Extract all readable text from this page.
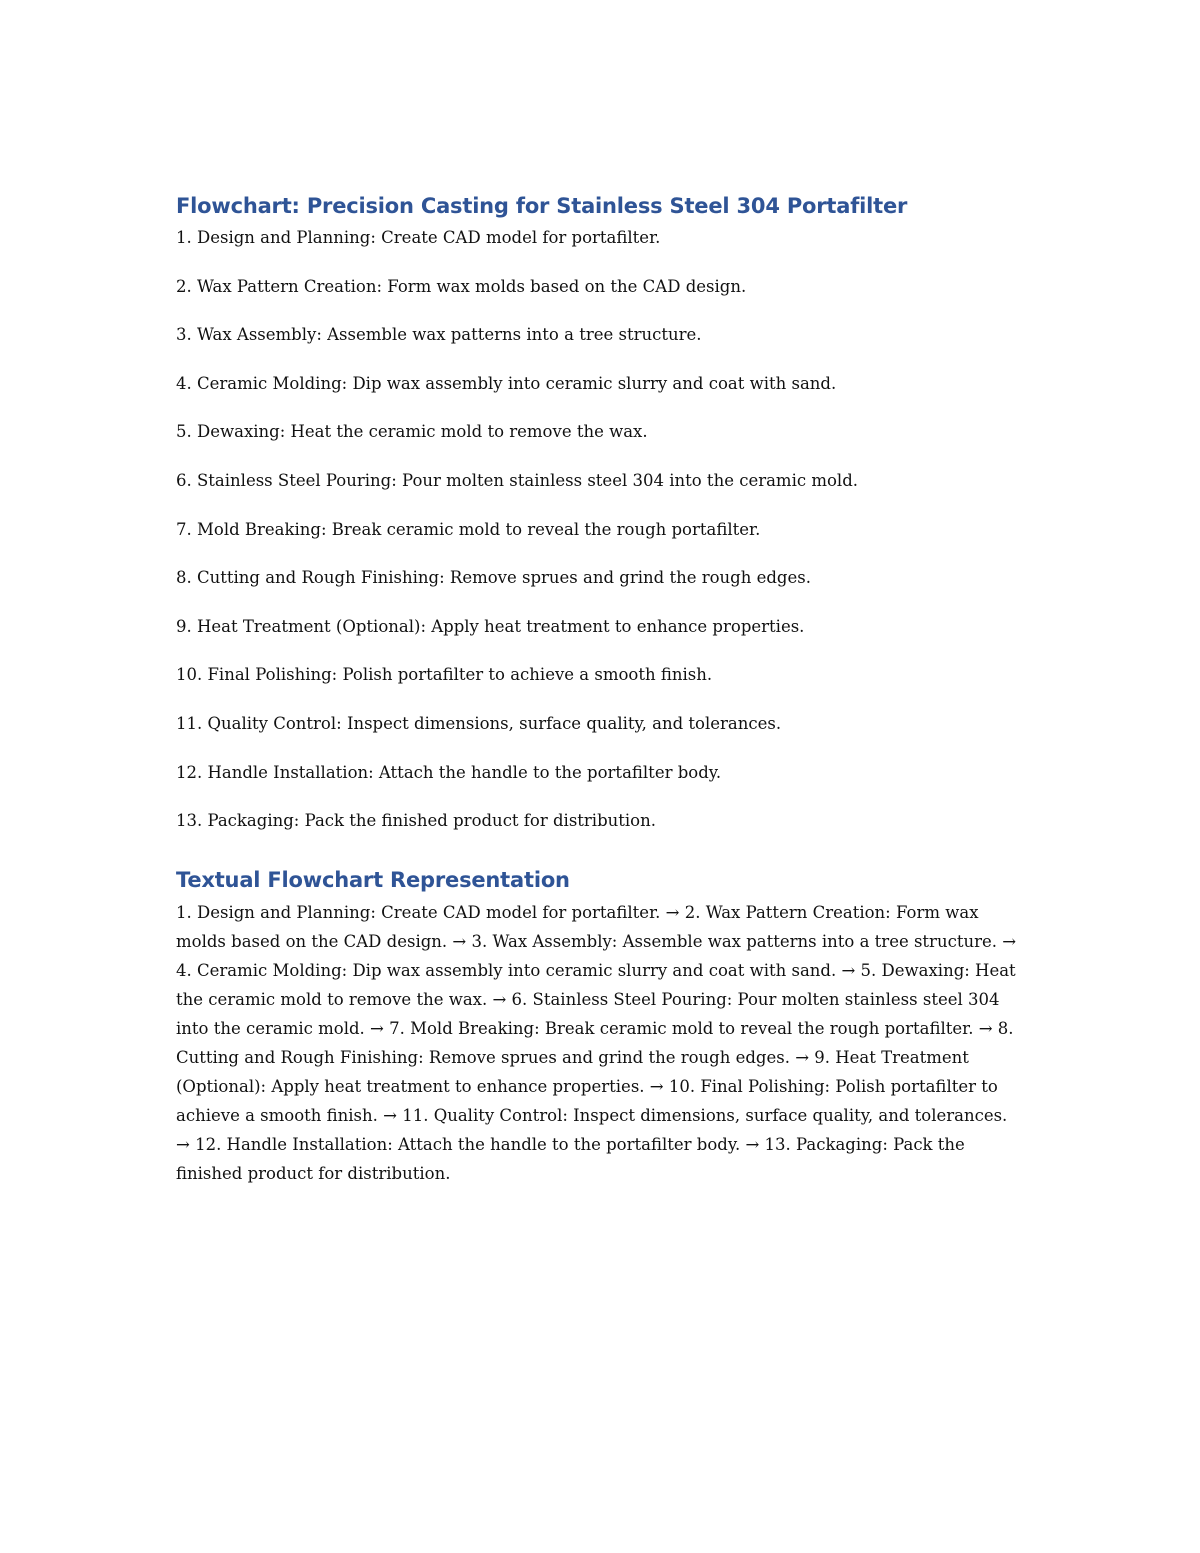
Flowchart: Precision Casting for Stainless Steel 304 Portafilter
1. Design and Planning: Create CAD model for portafilter.
2. Wax Pattern Creation: Form wax molds based on the CAD design.
3. Wax Assembly: Assemble wax patterns into a tree structure.
4. Ceramic Molding: Dip wax assembly into ceramic slurry and coat with sand.
5. Dewaxing: Heat the ceramic mold to remove the wax.
6. Stainless Steel Pouring: Pour molten stainless steel 304 into the ceramic mold.
7. Mold Breaking: Break ceramic mold to reveal the rough portafilter.
8. Cutting and Rough Finishing: Remove sprues and grind the rough edges.
9. Heat Treatment (Optional): Apply heat treatment to enhance properties.
10. Final Polishing: Polish portafilter to achieve a smooth finish.
11. Quality Control: Inspect dimensions, surface quality, and tolerances.
12. Handle Installation: Attach the handle to the portafilter body.
13. Packaging: Pack the finished product for distribution.
Textual Flowchart Representation

1. Design and Planning: Create CAD model for portafilter. → 2. Wax Pattern Creation: Form wax molds based on the CAD design. → 3. Wax Assembly: Assemble wax patterns into a tree structure. → 4. Ceramic Molding: Dip wax assembly into ceramic slurry and coat with sand. → 5. Dewaxing: Heat the ceramic mold to remove the wax. → 6. Stainless Steel Pouring: Pour molten stainless steel 304 into the ceramic mold. → 7. Mold Breaking: Break ceramic mold to reveal the rough portafilter. → 8. Cutting and Rough Finishing: Remove sprues and grind the rough edges. → 9. Heat Treatment (Optional): Apply heat treatment to enhance properties. → 10. Final Polishing: Polish portafilter to achieve a smooth finish. → 11. Quality Control: Inspect dimensions, surface quality, and tolerances. → 12. Handle Installation: Attach the handle to the portafilter body. → 13. Packaging: Pack the finished product for distribution.
